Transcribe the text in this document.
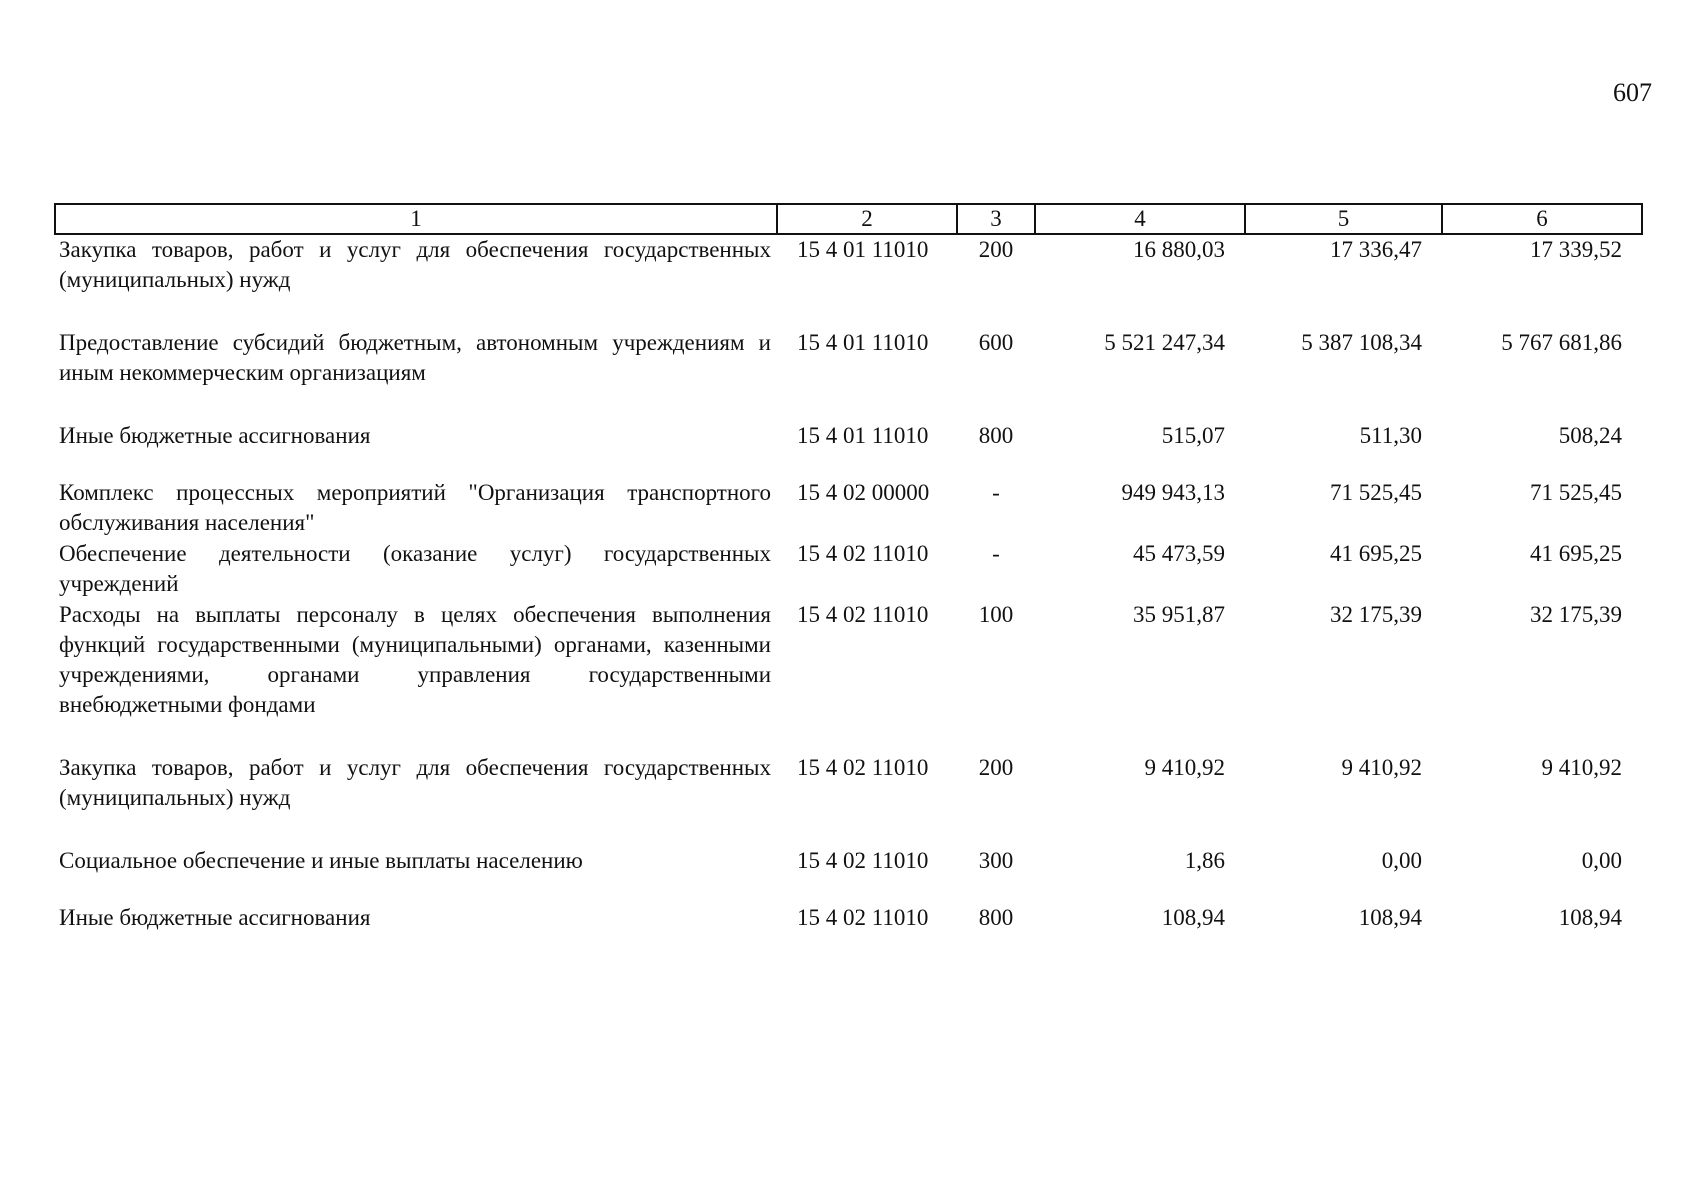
607
1	2	3	4	5	6
Закупка товаров, работ и услуг для обеспечения государственных (муниципальных) нужд	15 4 01 11010	200	16 880,03	17 336,47	17 339,52
Предоставление субсидий бюджетным, автономным учреждениям и иным некоммерческим организациям	15 4 01 11010	600	5 521 247,34	5 387 108,34	5 767 681,86
Иные бюджетные ассигнования	15 4 01 11010	800	515,07	511,30	508,24
Комплекс процессных мероприятий "Организация транспортного обслуживания населения"	15 4 02 00000	-	949 943,13	71 525,45	71 525,45
Обеспечение деятельности (оказание услуг) государственных учреждений	15 4 02 11010	-	45 473,59	41 695,25	41 695,25
Расходы на выплаты персоналу в целях обеспечения выполнения функций государственными (муниципальными) органами, казенными учреждениями, органами управления государственными внебюджетными фондами	15 4 02 11010	100	35 951,87	32 175,39	32 175,39
Закупка товаров, работ и услуг для обеспечения государственных (муниципальных) нужд	15 4 02 11010	200	9 410,92	9 410,92	9 410,92
Социальное обеспечение и иные выплаты населению	15 4 02 11010	300	1,86	0,00	0,00
Иные бюджетные ассигнования	15 4 02 11010	800	108,94	108,94	108,94
